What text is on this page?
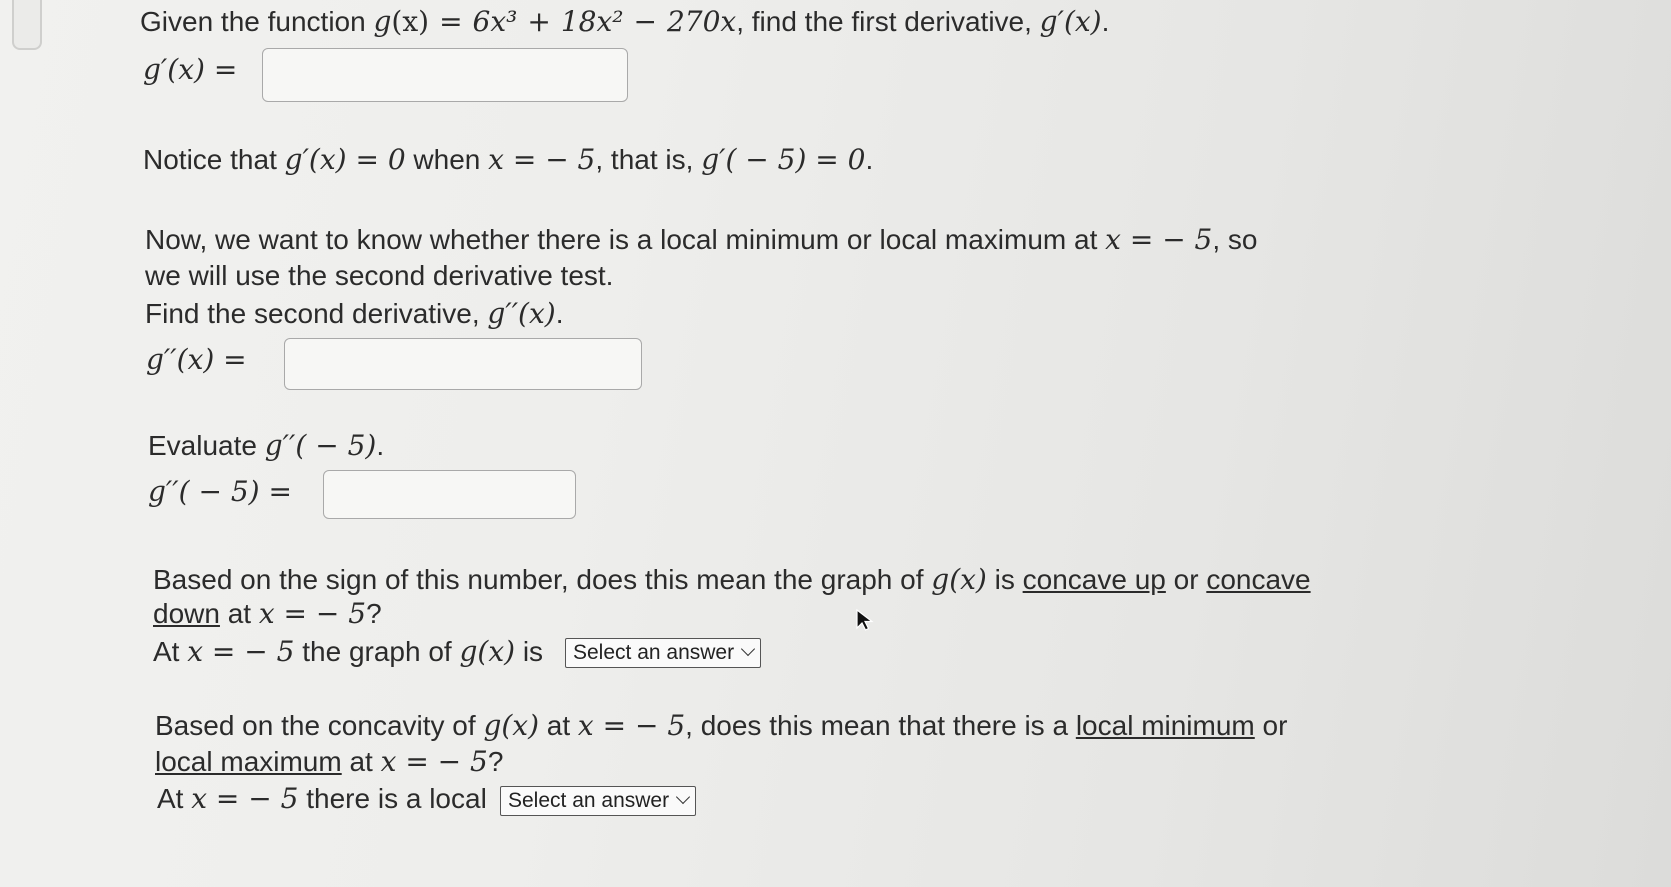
Given the function g(x) = 6x³ + 18x² − 270x, find the first derivative, g′(x).
g′(x) =
Notice that g′(x) = 0 when x = − 5, that is, g′( − 5) = 0.
Now, we want to know whether there is a local minimum or local maximum at x = − 5, so
we will use the second derivative test.
Find the second derivative, g′′(x).
g′′(x) =
Evaluate g′′( − 5).
g′′( − 5) =
Based on the sign of this number, does this mean the graph of g(x) is concave up or concave
down at x = − 5?
At x = − 5 the graph of g(x) is	Select an answer
Based on the concavity of g(x) at x = − 5, does this mean that there is a local minimum or
local maximum at x = − 5?
At x = − 5 there is a local	Select an answer
